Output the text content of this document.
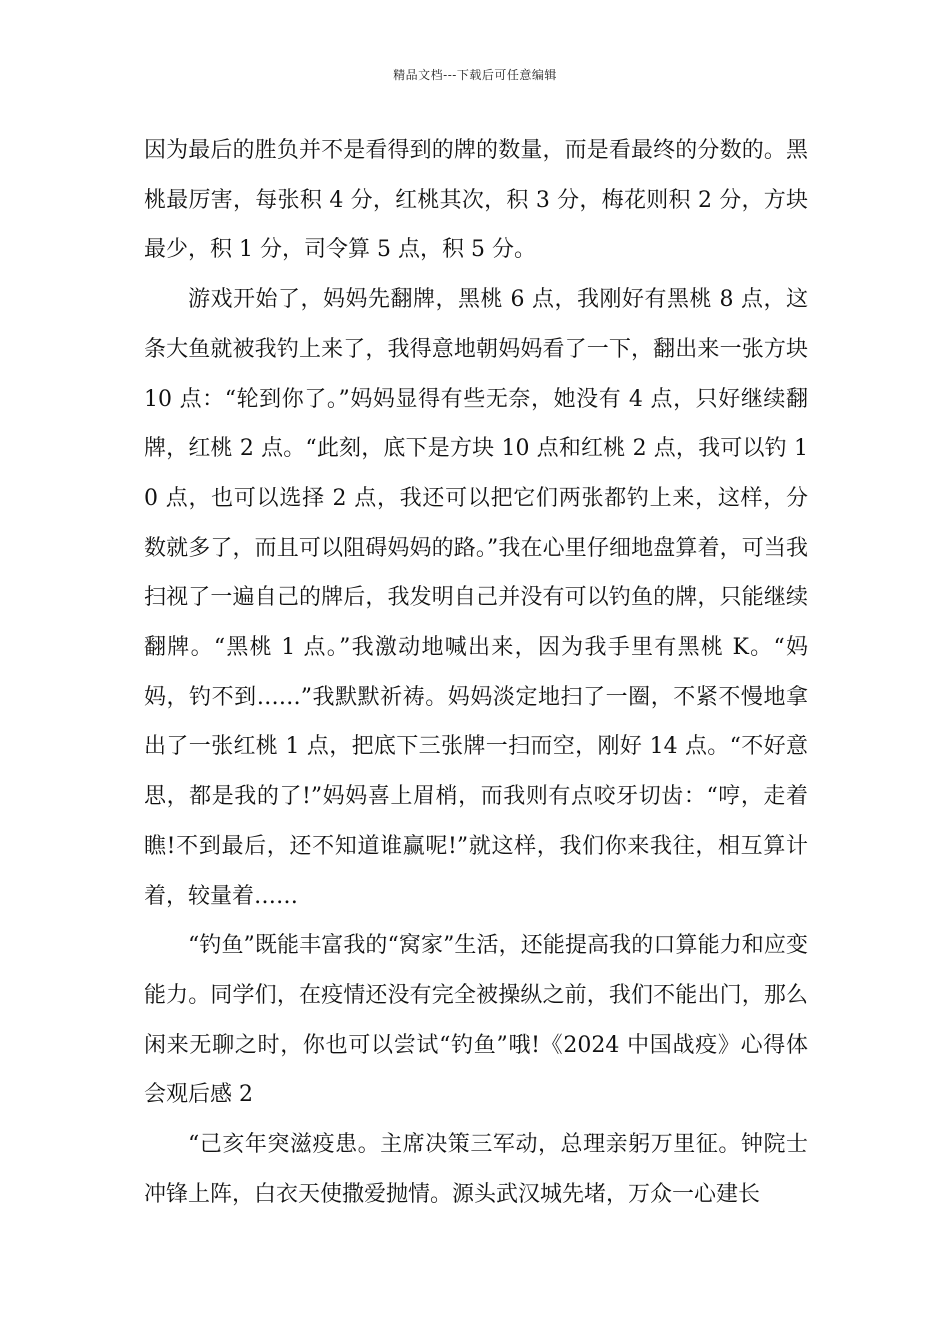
精品文档---下载后可任意编辑

因为最后的胜负并不是看得到的牌的数量，而是看最终的分数的。黑桃最厉害，每张积 4 分，红桃其次，积 3 分，梅花则积 2 分，方块最少，积 1 分，司令算 5 点，积 5 分。

游戏开始了，妈妈先翻牌，黑桃 6 点，我刚好有黑桃 8 点，这条大鱼就被我钓上来了，我得意地朝妈妈看了一下，翻出来一张方块 10 点：“轮到你了。”妈妈显得有些无奈，她没有 4 点，只好继续翻牌，红桃 2 点。“此刻，底下是方块 10 点和红桃 2 点，我可以钓 10 点，也可以选择 2 点，我还可以把它们两张都钓上来，这样，分数就多了，而且可以阻碍妈妈的路。”我在心里仔细地盘算着，可当我扫视了一遍自己的牌后，我发明自己并没有可以钓鱼的牌，只能继续翻牌。“黑桃 1 点。”我激动地喊出来，因为我手里有黑桃 K。“妈妈，钓不到……”我默默祈祷。妈妈淡定地扫了一圈，不紧不慢地拿出了一张红桃 1 点，把底下三张牌一扫而空，刚好 14 点。“不好意思，都是我的了!”妈妈喜上眉梢，而我则有点咬牙切齿：“哼，走着瞧!不到最后，还不知道谁赢呢!”就这样，我们你来我往，相互算计着，较量着……

“钓鱼”既能丰富我的“窝家”生活，还能提高我的口算能力和应变能力。同学们，在疫情还没有完全被操纵之前，我们不能出门，那么闲来无聊之时，你也可以尝试“钓鱼”哦!《2024 中国战疫》心得体会观后感 2

“己亥年突滋疫患。主席决策三军动，总理亲躬万里征。钟院士冲锋上阵，白衣天使撒爱抛情。源头武汉城先堵，万众一心建长
